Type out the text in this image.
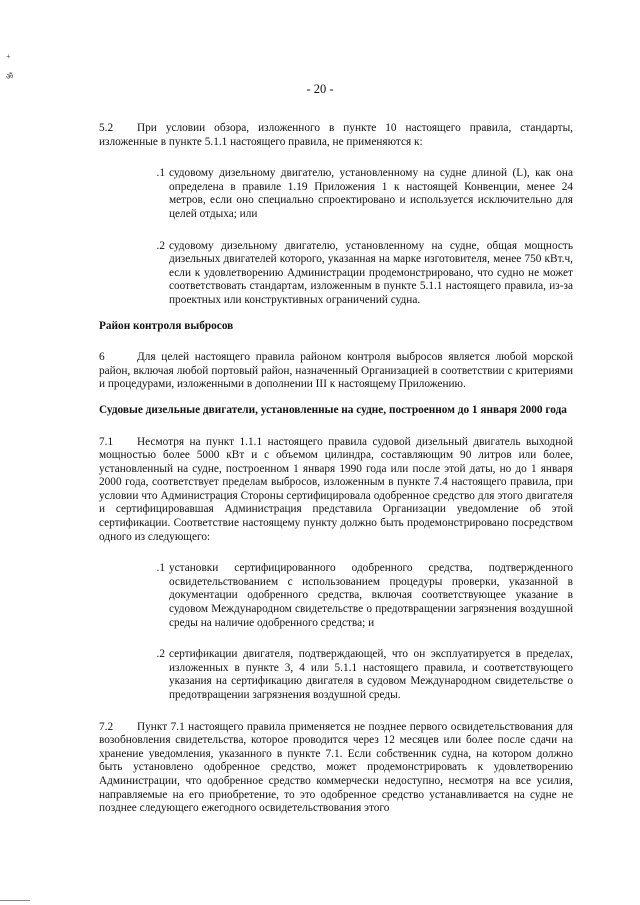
+

ॐ
- 20 -

5.2 При условии обзора, изложенного в пункте 10 настоящего правила, стандарты, изложенные в пункте 5.1.1 настоящего правила, не применяются к:

.1 судовому дизельному двигателю, установленному на судне длиной (L), как она определена в правиле 1.19 Приложения 1 к настоящей Конвенции, менее 24 метров, если оно специально спроектировано и используется исключительно для целей отдыха; или
.2 судовому дизельному двигателю, установленному на судне, общая мощность дизельных двигателей которого, указанная на марке изготовителя, менее 750 кВт.ч, если к удовлетворению Администрации продемонстрировано, что судно не может соответствовать стандартам, изложенным в пункте 5.1.1 настоящего правила, из-за проектных или конструктивных ограничений судна.

Район контроля выбросов

6	Для целей настоящего правила районом контроля выбросов является любой морской район, включая любой портовый район, назначенный Организацией в соответствии с критериями и процедурами, изложенными в дополнении III к настоящему Приложению.

Судовые дизельные двигатели, установленные на судне, построенном до 1 января 2000 года

7.1 Несмотря на пункт 1.1.1 настоящего правила судовой дизельный двигатель выходной мощностью более 5000 кВт и с объемом цилиндра, составляющим 90 литров или более, установленный на судне, построенном 1 января 1990 года или после этой даты, но до 1 января 2000 года, соответствует пределам выбросов, изложенным в пункте 7.4 настоящего правила, при условии что Администрация Стороны сертифицировала одобренное средство для этого двигателя и сертифицировавшая Администрация представила Организации уведомление об этой сертификации. Соответствие настоящему пункту должно быть продемонстрировано посредством одного из следующего:

.1 установки сертифицированного одобренного средства, подтвержденного освидетельствованием с использованием процедуры проверки, указанной в документации одобренного средства, включая соответствующее указание в судовом Международном свидетельстве о предотвращении загрязнения воздушной среды на наличие одобренного средства; и
.2 сертификации двигателя, подтверждающей, что он эксплуатируется в пределах, изложенных в пункте 3, 4 или 5.1.1 настоящего правила, и соответствующего указания на сертификацию двигателя в судовом Международном свидетельстве о предотвращении загрязнения воздушной среды.

7.2 Пункт 7.1 настоящего правила применяется не позднее первого освидетельствования для возобновления свидетельства, которое проводится через 12 месяцев или более после сдачи на хранение уведомления, указанного в пункте 7.1. Если собственник судна, на котором должно быть установлено одобренное средство, может продемонстрировать к удовлетворению Администрации, что одобренное средство коммерчески недоступно, несмотря на все усилия, направляемые на его приобретение, то это одобренное средство устанавливается на судне не позднее следующего ежегодного освидетельствования этого
